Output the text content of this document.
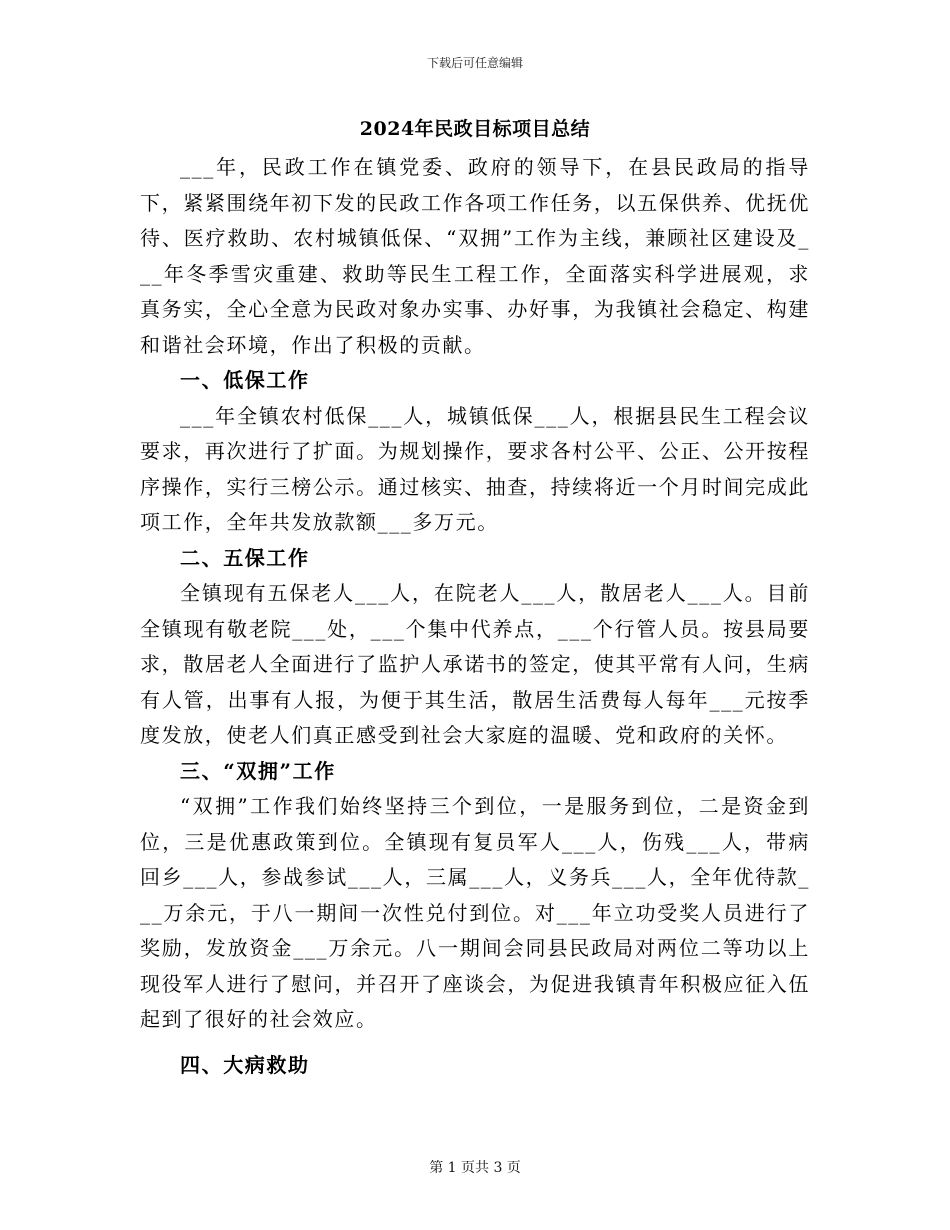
下载后可任意编辑
2024年民政目标项目总结

___年，民政工作在镇党委、政府的领导下，在县民政局的指导下，紧紧围绕年初下发的民政工作各项工作任务，以五保供养、优抚优待、医疗救助、农村城镇低保、“双拥”工作为主线，兼顾社区建设及___年冬季雪灾重建、救助等民生工程工作，全面落实科学进展观，求真务实，全心全意为民政对象办实事、办好事，为我镇社会稳定、构建和谐社会环境，作出了积极的贡献。

一、低保工作

___年全镇农村低保___人，城镇低保___人，根据县民生工程会议要求，再次进行了扩面。为规划操作，要求各村公平、公正、公开按程序操作，实行三榜公示。通过核实、抽查，持续将近一个月时间完成此项工作，全年共发放款额___多万元。

二、五保工作

全镇现有五保老人___人，在院老人___人，散居老人___人。目前全镇现有敬老院___处，___个集中代养点，___个行管人员。按县局要求，散居老人全面进行了监护人承诺书的签定，使其平常有人问，生病有人管，出事有人报，为便于其生活，散居生活费每人每年___元按季度发放，使老人们真正感受到社会大家庭的温暖、党和政府的关怀。

三、“双拥”工作

“双拥”工作我们始终坚持三个到位，一是服务到位，二是资金到位，三是优惠政策到位。全镇现有复员军人___人，伤残___人，带病回乡___人，参战参试___人，三属___人，义务兵___人，全年优待款___万余元，于八一期间一次性兑付到位。对___年立功受奖人员进行了奖励，发放资金___万余元。八一期间会同县民政局对两位二等功以上现役军人进行了慰问，并召开了座谈会，为促进我镇青年积极应征入伍起到了很好的社会效应。

四、大病救助

第 1 页共 3 页
